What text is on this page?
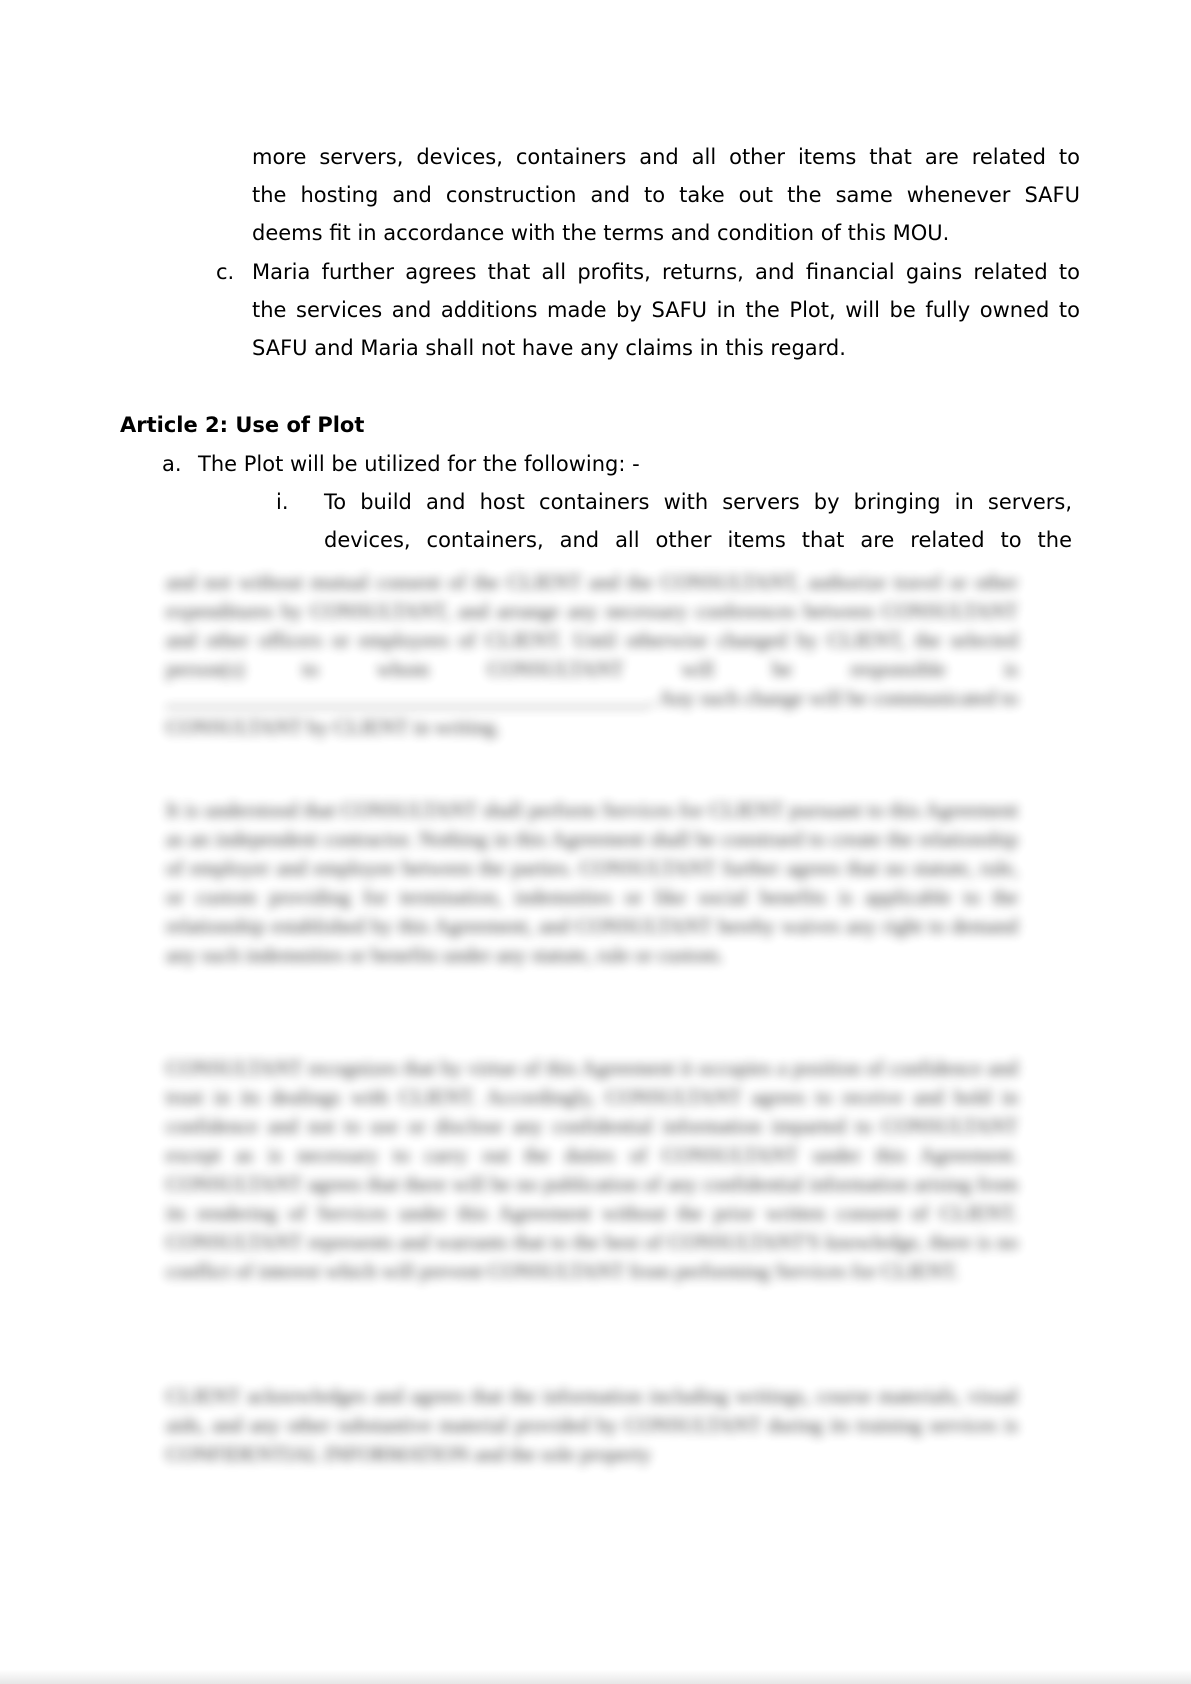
more servers, devices, containers and all other items that are related to
the hosting and construction and to take out the same whenever SAFU
deems fit in accordance with the terms and condition of this MOU.
c. Maria further agrees that all profits, returns, and financial gains related to
the services and additions made by SAFU in the Plot, will be fully owned to
SAFU and Maria shall not have any claims in this regard.
Article 2: Use of Plot
a. The Plot will be utilized for the following: -
i. To build and host containers with servers by bringing in servers,
devices, containers, and all other items that are related to the
and not without mutual consent of the CLIENT and the CONSULTANT, authorize travel or other expenditures by CONSULTANT, and arrange any necessary conferences between CONSULTANT and other officers or employees of CLIENT. Until otherwise changed by CLIENT, the selected person(s) to whom CONSULTANT will be responsible is ______________________________________________. Any such change will be communicated to CONSULTANT by CLIENT in writing.
It is understood that CONSULTANT shall perform Services for CLIENT pursuant to this Agreement as an independent contractor. Nothing in this Agreement shall be construed to create the relationship of employer and employee between the parties. CONSULTANT further agrees that no statute, rule, or custom providing for termination, indemnities or like social benefits is applicable to the relationship established by this Agreement, and CONSULTANT hereby waives any right to demand any such indemnities or benefits under any statute, rule or custom.
CONSULTANT recognizes that by virtue of this Agreement it occupies a position of confidence and trust in its dealings with CLIENT. Accordingly, CONSULTANT agrees to receive and hold in confidence and not to use or disclose any confidential information imparted to CONSULTANT except as is necessary to carry out the duties of CONSULTANT under this Agreement. CONSULTANT agrees that there will be no publication of any confidential information arising from its rendering of Services under this Agreement without the prior written consent of CLIENT. CONSULTANT represents and warrants that to the best of CONSULTANT'S knowledge, there is no conflict of interest which will prevent CONSULTANT from performing Services for CLIENT.
CLIENT acknowledges and agrees that the information including writings, course materials, visual aids, and any other substantive material provided by CONSULTANT during its training services is CONFIDENTIAL INFORMATION and the sole property
